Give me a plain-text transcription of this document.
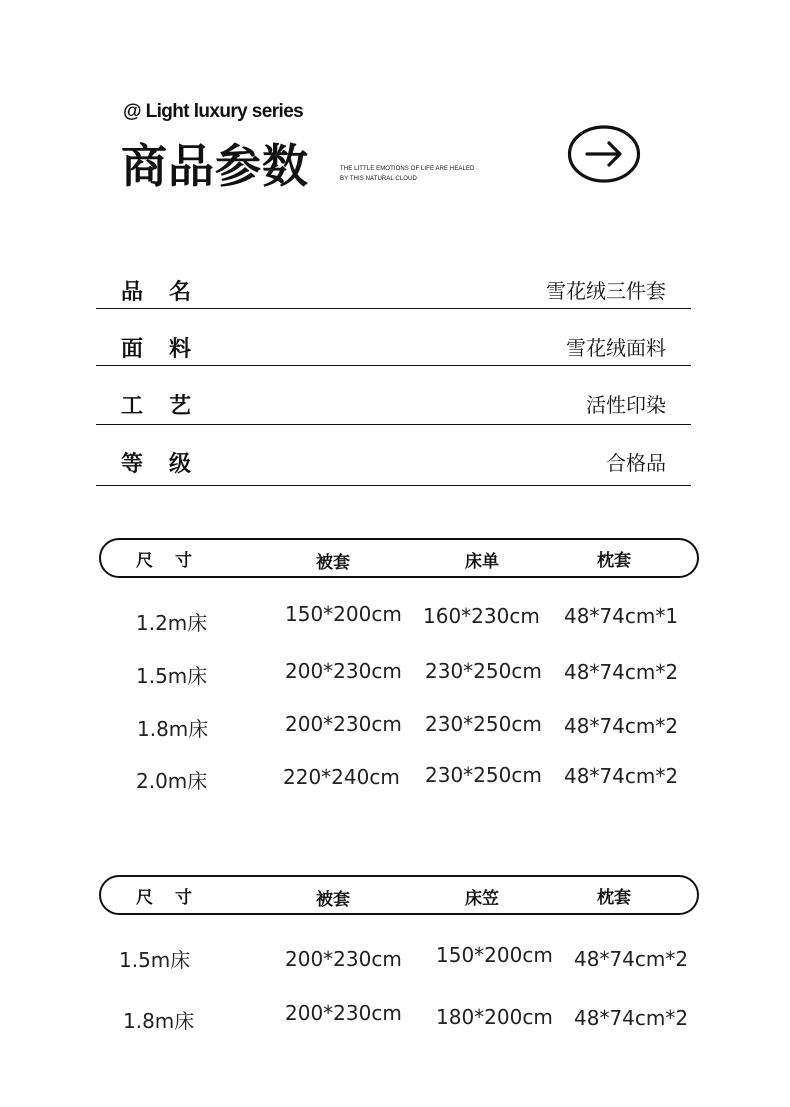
@ Light luxury series
商品参数	THE LITTLE EMOTIONS OF LIFE ARE HEALED
BY THIS NATURAL CLOUD
品名	雪花绒三件套
面料	雪花绒面料
工艺	活性印染
等级	合格品
尺寸	被套	床单	枕套
1.2m床	150*200cm 160*230cm 48*74cm*1
1.5m床	200*230cm 230*250cm 48*74cm*2
1.8m床	200*230cm 230*250cm 48*74cm*2
2.0m床	220*240cm 230*250cm 48*74cm*2
尺寸	被套	床笠	枕套
1.5m床	200*230cm 150*200cm 48*74cm*2
1.8m床	200*230cm 180*200cm 48*74cm*2
